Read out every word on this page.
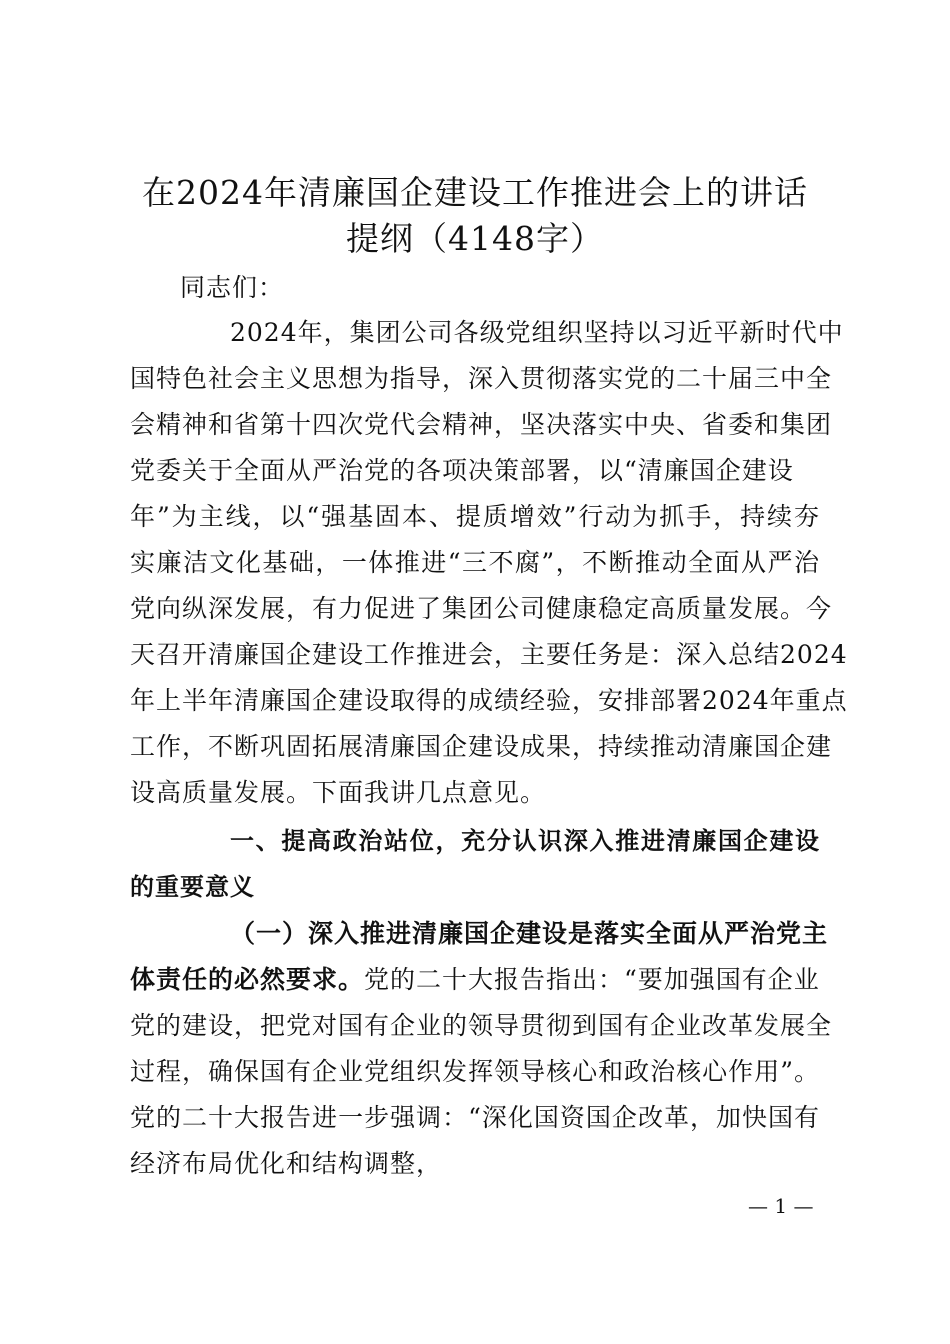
在2024年清廉国企建设工作推进会上的讲话
提纲（4148字）
同志们：
2024年，集团公司各级党组织坚持以习近平新时代中
国特色社会主义思想为指导，深入贯彻落实党的二十届三中全
会精神和省第十四次党代会精神，坚决落实中央、省委和集团
党委关于全面从严治党的各项决策部署，以“清廉国企建设
年”为主线，以“强基固本、提质增效”行动为抓手，持续夯
实廉洁文化基础，一体推进“三不腐”，不断推动全面从严治
党向纵深发展，有力促进了集团公司健康稳定高质量发展。今
天召开清廉国企建设工作推进会，主要任务是：深入总结2024
年上半年清廉国企建设取得的成绩经验，安排部署2024年重点
工作，不断巩固拓展清廉国企建设成果，持续推动清廉国企建
设高质量发展。下面我讲几点意见。
一、提高政治站位，充分认识深入推进清廉国企建设
的重要意义
（一）深入推进清廉国企建设是落实全面从严治党主
体责任的必然要求。党的二十大报告指出：“要加强国有企业
党的建设，把党对国有企业的领导贯彻到国有企业改革发展全
过程，确保国有企业党组织发挥领导核心和政治核心作用”。
党的二十大报告进一步强调：“深化国资国企改革，加快国有
经济布局优化和结构调整，
— 1 —
